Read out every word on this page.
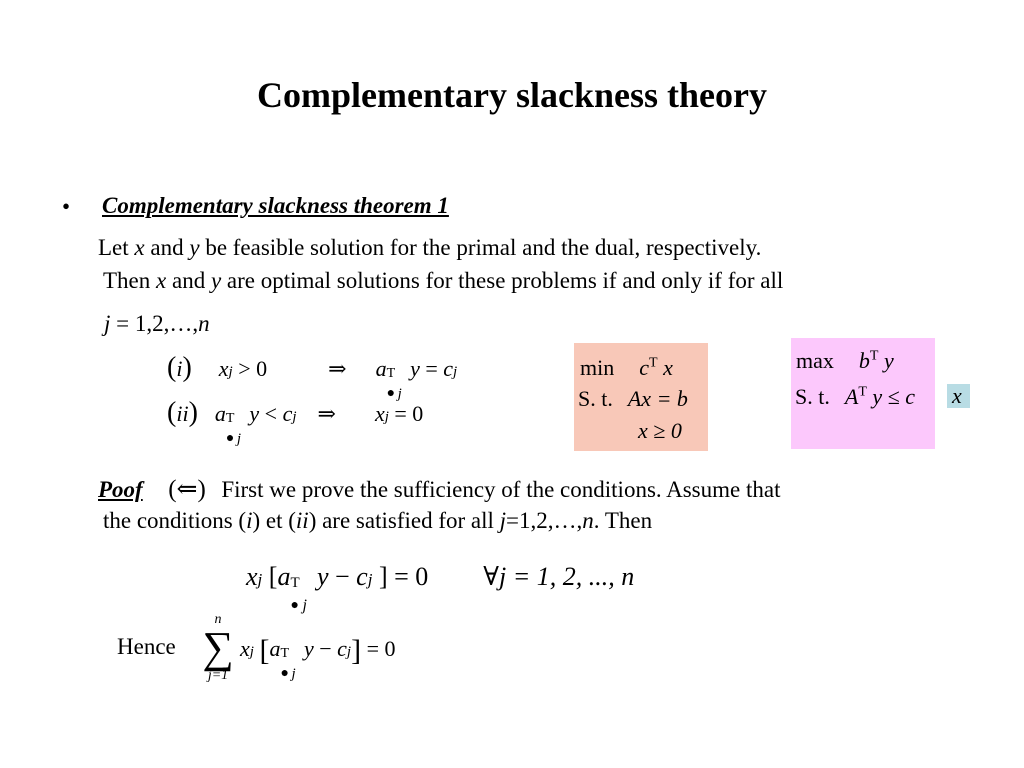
Complementary slackness theory
• Complementary slackness theorem 1
Let x and y be feasible solution for the primal and the dual, respectively.
Then x and y are optimal solutions for these problems if and only if for all
j = 1,2,…,n
(i) xj > 0	⇒ a T
● j
y = cj
(ii) a T
● j
y < cj ⇒ xj = 0
$\min c^T$ x
S. t. Ax = b
x ≥ 0
$\max b^T$ y
S. t. $A^T$ y ≤ c x
Poof (⇐) First we prove the sufficiency of the conditions. Assume that
the conditions (i) et (ii) are satisfied for all j=1,2,…,n. Then
xj [a T
● j
y − cj ] = 0  ∀j = 1, 2, ..., n
Hence
n
∑
j=1
xj [a T
● j
y − cj] = 0
